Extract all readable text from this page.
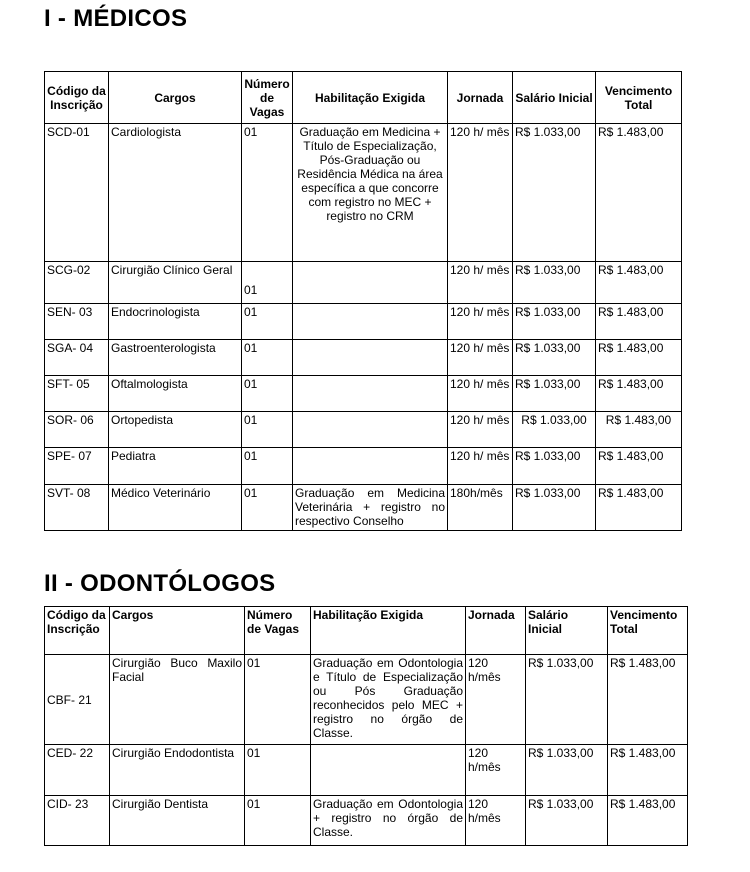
I - MÉDICOS
Código da Inscrição	Cargos	Número de Vagas	Habilitação Exigida	Jornada	Salário Inicial	Vencimento Total
SCD-01	Cardiologista	01	Graduação em Medicina + Título de Especialização, Pós-Graduação ou Residência Médica na área específica a que concorre com registro no MEC + registro no CRM	120 h/ mês	R$ 1.033,00	R$ 1.483,00
SCG-02	Cirurgião Clínico Geral	01		120 h/ mês	R$ 1.033,00	R$ 1.483,00
SEN- 03	Endocrinologista	01		120 h/ mês	R$ 1.033,00	R$ 1.483,00
SGA- 04	Gastroenterologista	01		120 h/ mês	R$ 1.033,00	R$ 1.483,00
SFT- 05	Oftalmologista	01		120 h/ mês	R$ 1.033,00	R$ 1.483,00
SOR- 06	Ortopedista	01		120 h/ mês	R$ 1.033,00	R$ 1.483,00
SPE- 07	Pediatra	01		120 h/ mês	R$ 1.033,00	R$ 1.483,00
SVT- 08	Médico Veterinário	01	Graduação em Medicina Veterinária + registro no respectivo Conselho	180h/mês	R$ 1.033,00	R$ 1.483,00
II - ODONTÓLOGOS
Código da Inscrição	Cargos	Número de Vagas	Habilitação Exigida	Jornada	Salário Inicial	Vencimento Total
CBF- 21	Cirurgião Buco Maxilo Facial	01	Graduação em Odontologia e Título de Especialização ou Pós Graduação reconhecidos pelo MEC + registro no órgão de Classe.	120 h/mês	R$ 1.033,00	R$ 1.483,00
CED- 22	Cirurgião Endodontista	01		120 h/mês	R$ 1.033,00	R$ 1.483,00
CID- 23	Cirurgião Dentista	01	Graduação em Odontologia + registro no órgão de Classe.	120 h/mês	R$ 1.033,00	R$ 1.483,00
